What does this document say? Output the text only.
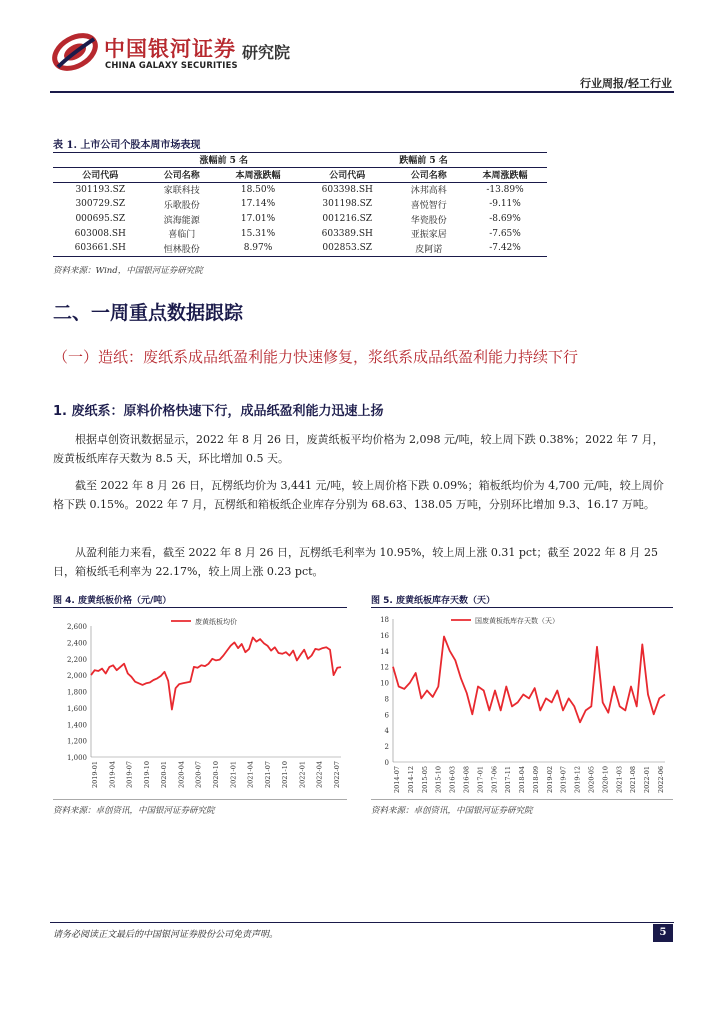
中国银河证券 研究院
CHINA GALAXY SECURITIES
行业周报/轻工行业
表 1. 上市公司个股本周市场表现
	涨幅前 5 名		跌幅前 5 名		
公司代码	公司名称	本周涨跌幅	公司代码	公司名称	本周涨跌幅
301193.SZ	家联科技	18.50%	603398.SH	沐邦高科	-13.89%
300729.SZ	乐歌股份	17.14%	301198.SZ	喜悦智行	-9.11%
000695.SZ	滨海能源	17.01%	001216.SZ	华瓷股份	-8.69%
603008.SH	喜临门	15.31%	603389.SH	亚振家居	-7.65%
603661.SH	恒林股份	8.97%	002853.SZ	皮阿诺	-7.42%
资料来源：Wind，中国银河证券研究院
二、一周重点数据跟踪
（一）造纸：废纸系成品纸盈利能力快速修复，浆纸系成品纸盈利能力持续下行
1. 废纸系：原料价格快速下行，成品纸盈利能力迅速上扬
根据卓创资讯数据显示，2022 年 8 月 26 日，废黄纸板平均价格为 2,098 元/吨，较上周下跌 0.38%；2022 年 7 月，废黄板纸库存天数为 8.5 天，环比增加 0.5 天。
截至 2022 年 8 月 26 日，瓦楞纸均价为 3,441 元/吨，较上周价格下跌 0.09%；箱板纸均价为 4,700 元/吨，较上周价格下跌 0.15%。2022 年 7 月，瓦楞纸和箱板纸企业库存分别为 68.63、138.05 万吨，分别环比增加 9.3、16.17 万吨。
从盈利能力来看，截至 2022 年 8 月 26 日，瓦楞纸毛利率为 10.95%，较上周上涨 0.31 pct；截至 2022 年 8 月 25 日，箱板纸毛利率为 22.17%，较上周上涨 0.23 pct。
图 4. 废黄纸板价格（元/吨）
1,000
1,200
1,400
1,600
1,800
2,000
2,200
2,400
2,600
2019-01 2019-04 2019-07 2019-10 2020-01 2020-04 2020-07 2020-10 2021-01 2021-04 2021-07 2021-10 2022-01 2022-04 2022-07
废黄纸板均价
资料来源：卓创资讯，中国银河证券研究院
图 5. 废黄纸板库存天数（天）
0
2
4
6
8
10
12
14
16
18
2014-07 2014-12 2015-05 2015-10 2016-03 2016-08 2017-01 2017-06 2017-11 2018-04 2018-09 2019-02 2019-07 2019-12 2020-05 2020-10 2021-03 2021-08 2022-01 2022-06
国废黄板纸库存天数（天）
资料来源：卓创资讯，中国银河证券研究院
请务必阅读正文最后的中国银河证券股份公司免责声明。	5
